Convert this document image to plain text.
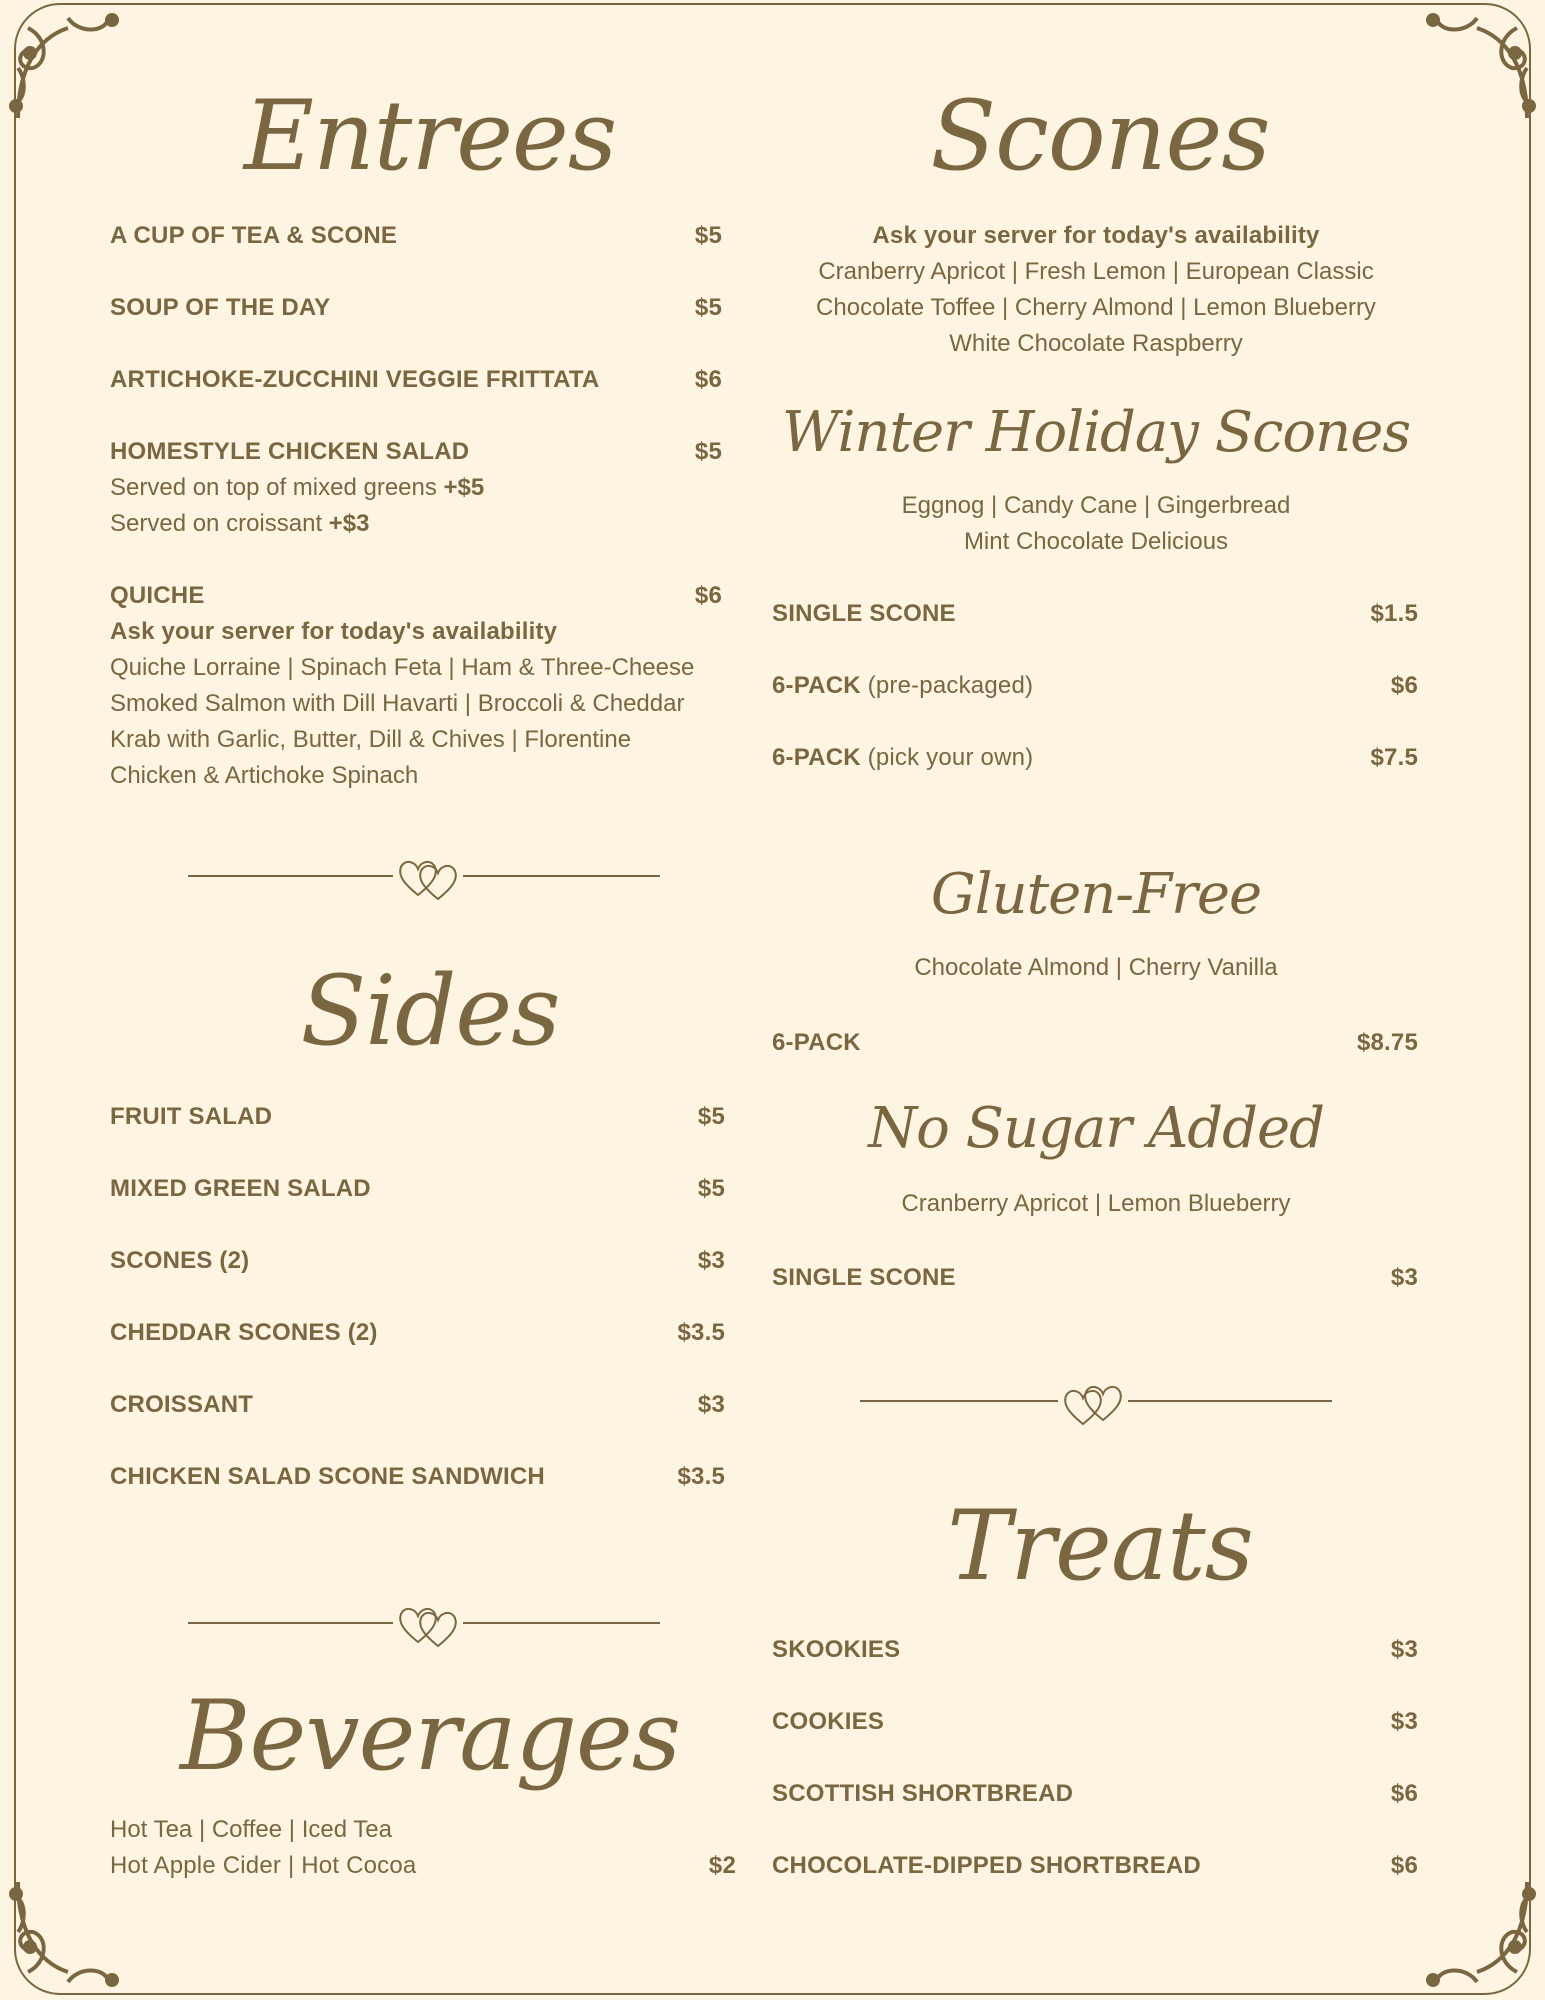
Entrees
A CUP OF TEA & SCONE	$5
SOUP OF THE DAY	$5
ARTICHOKE-ZUCCHINI VEGGIE FRITTATA	$6
HOMESTYLE CHICKEN SALAD	$5
Served on top of mixed greens +$5
Served on croissant +$3
QUICHE	$6
Ask your server for today's availability
Quiche Lorraine | Spinach Feta | Ham & Three-Cheese
Smoked Salmon with Dill Havarti | Broccoli & Cheddar
Krab with Garlic, Butter, Dill & Chives | Florentine
Chicken & Artichoke Spinach
Sides
FRUIT SALAD	$5
MIXED GREEN SALAD	$5
SCONES (2)	$3
CHEDDAR SCONES (2)	$3.5
CROISSANT	$3
CHICKEN SALAD SCONE SANDWICH	$3.5
Beverages
Hot Tea | Coffee | Iced Tea
Hot Apple Cider | Hot Cocoa	$2
Scones
Ask your server for today's availability
Cranberry Apricot | Fresh Lemon | European Classic
Chocolate Toffee | Cherry Almond | Lemon Blueberry
White Chocolate Raspberry
Winter Holiday Scones
Eggnog | Candy Cane | Gingerbread
Mint Chocolate Delicious
SINGLE SCONE	$1.5
6-PACK (pre-packaged)	$6
6-PACK (pick your own)	$7.5
Gluten-Free
Chocolate Almond | Cherry Vanilla
6-PACK	$8.75
No Sugar Added
Cranberry Apricot | Lemon Blueberry
SINGLE SCONE	$3
Treats
SKOOKIES	$3
COOKIES	$3
SCOTTISH SHORTBREAD	$6
CHOCOLATE-DIPPED SHORTBREAD	$6
